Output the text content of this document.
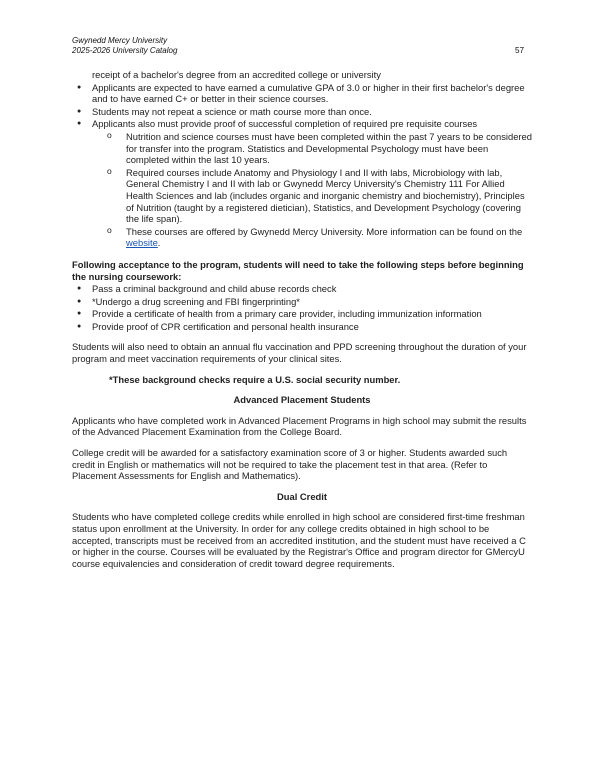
Gwynedd Mercy University
2025-2026 University Catalog	57
receipt of a bachelor's degree from an accredited college or university
● Applicants are expected to have earned a cumulative GPA of 3.0 or higher in their first bachelor's degree and to have earned C+ or better in their science courses.
● Students may not repeat a science or math course more than once.
● Applicants also must provide proof of successful completion of required pre requisite courses
o Nutrition and science courses must have been completed within the past 7 years to be considered for transfer into the program. Statistics and Developmental Psychology must have been completed within the last 10 years.
o Required courses include Anatomy and Physiology I and II with labs, Microbiology with lab, General Chemistry I and II with lab or Gwynedd Mercy University's Chemistry 111 For Allied Health Sciences and lab (includes organic and inorganic chemistry and biochemistry), Principles of Nutrition (taught by a registered dietician), Statistics, and Development Psychology (covering the life span).
o These courses are offered by Gwynedd Mercy University. More information can be found on the website.
Following acceptance to the program, students will need to take the following steps before beginning the nursing coursework:
● Pass a criminal background and child abuse records check
● *Undergo a drug screening and FBI fingerprinting*
● Provide a certificate of health from a primary care provider, including immunization information
● Provide proof of CPR certification and personal health insurance
Students will also need to obtain an annual flu vaccination and PPD screening throughout the duration of your program and meet vaccination requirements of your clinical sites.
*These background checks require a U.S. social security number.
Advanced Placement Students
Applicants who have completed work in Advanced Placement Programs in high school may submit the results of the Advanced Placement Examination from the College Board.
College credit will be awarded for a satisfactory examination score of 3 or higher. Students awarded such credit in English or mathematics will not be required to take the placement test in that area. (Refer to Placement Assessments for English and Mathematics).
Dual Credit
Students who have completed college credits while enrolled in high school are considered first-time freshman status upon enrollment at the University. In order for any college credits obtained in high school to be accepted, transcripts must be received from an accredited institution, and the student must have received a C or higher in the course. Courses will be evaluated by the Registrar's Office and program director for GMercyU course equivalencies and consideration of credit toward degree requirements.
